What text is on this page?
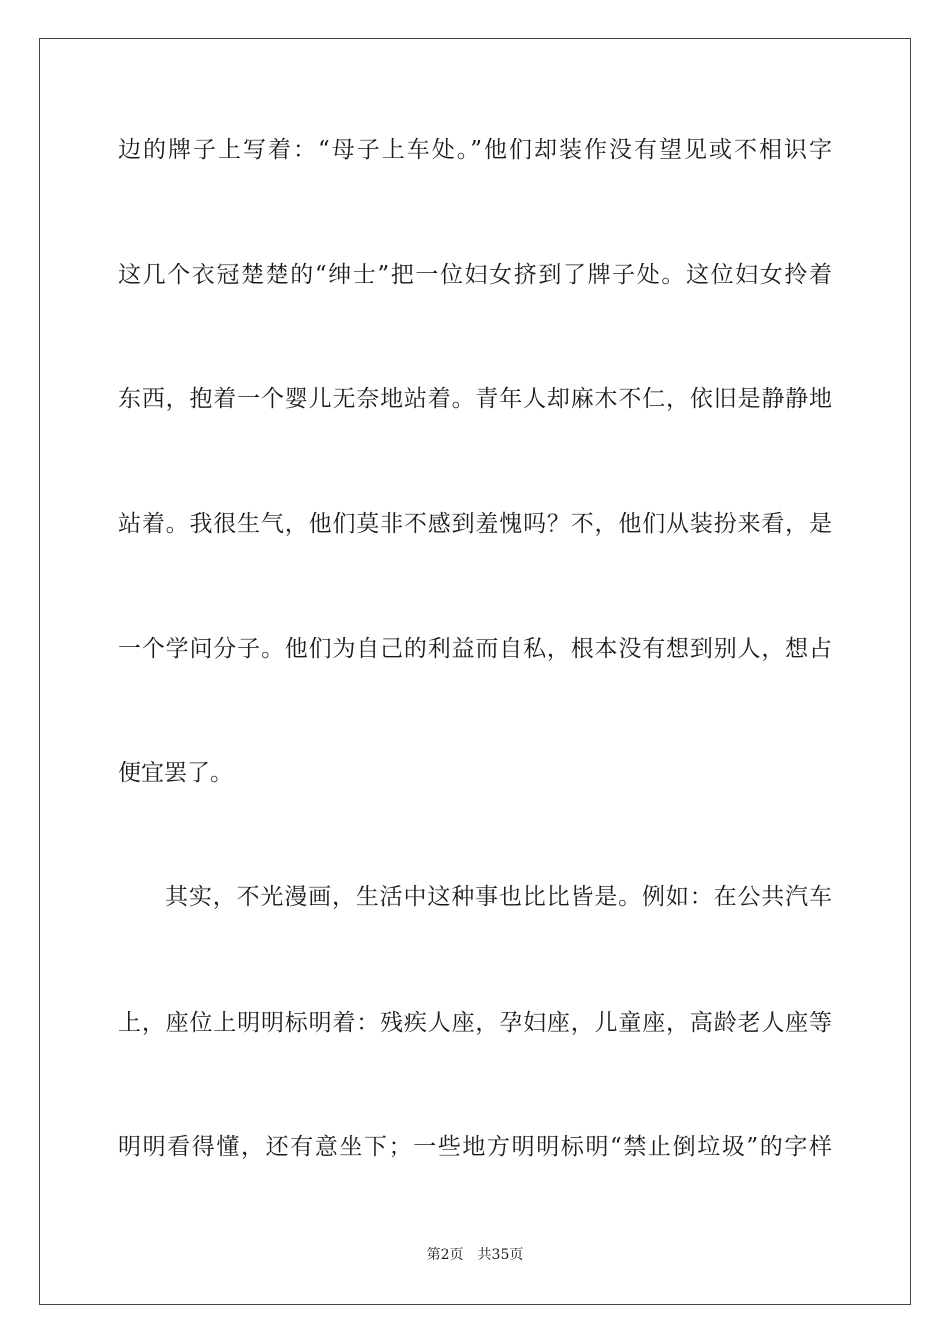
边的牌子上写着：“母子上车处。”他们却装作没有望见或不相识字
这几个衣冠楚楚的“绅士”把一位妇女挤到了牌子处。这位妇女拎着
东西，抱着一个婴儿无奈地站着。青年人却麻木不仁，依旧是静静地
站着。我很生气，他们莫非不感到羞愧吗？不，他们从装扮来看，是
一个学问分子。他们为自己的利益而自私，根本没有想到别人，想占
便宜罢了。
其实，不光漫画，生活中这种事也比比皆是。例如：在公共汽车
上，座位上明明标明着：残疾人座，孕妇座，儿童座，高龄老人座等
明明看得懂，还有意坐下；一些地方明明标明“禁止倒垃圾”的字样
第2页 共35页
